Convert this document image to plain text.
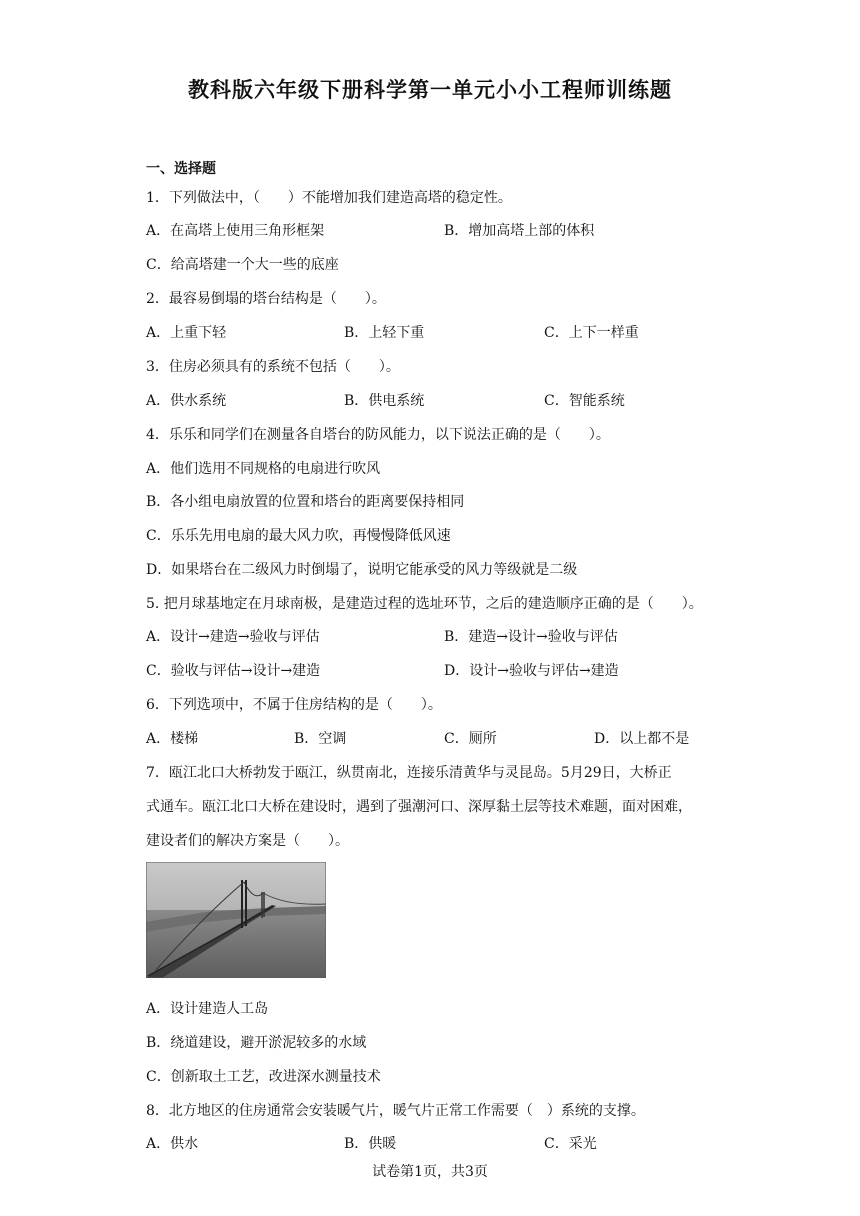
教科版六年级下册科学第一单元小小工程师训练题
一、选择题
1．下列做法中，（　　）不能增加我们建造高塔的稳定性。
A．在高塔上使用三角形框架	B．增加高塔上部的体积
C．给高塔建一个大一些的底座
2．最容易倒塌的塔台结构是（　　）。
A．上重下轻	B．上轻下重	C．上下一样重
3．住房必须具有的系统不包括（　　）。
A．供水系统	B．供电系统	C．智能系统
4．乐乐和同学们在测量各自塔台的防风能力，以下说法正确的是（　　）。
A．他们选用不同规格的电扇进行吹风
B．各小组电扇放置的位置和塔台的距离要保持相同
C．乐乐先用电扇的最大风力吹，再慢慢降低风速
D．如果塔台在二级风力时倒塌了，说明它能承受的风力等级就是二级
5. 把月球基地定在月球南极，是建造过程的选址环节，之后的建造顺序正确的是（　　）。
A．设计→建造→验收与评估	B．建造→设计→验收与评估
C．验收与评估→设计→建造	D．设计→验收与评估→建造
6．下列选项中，不属于住房结构的是（　　）。
A．楼梯	B．空调	C．厕所	D．以上都不是
7．瓯江北口大桥勃发于瓯江，纵贯南北，连接乐清黄华与灵昆岛。5月29日，大桥正
式通车。瓯江北口大桥在建设时，遇到了强潮河口、深厚黏土层等技术难题，面对困难，
建设者们的解决方案是（　　）。
A．设计建造人工岛
B．绕道建设，避开淤泥较多的水域
C．创新取土工艺，改进深水测量技术
8．北方地区的住房通常会安装暖气片，暖气片正常工作需要（　）系统的支撑。
A．供水	B．供暖	C．采光
试卷第1页，共3页
